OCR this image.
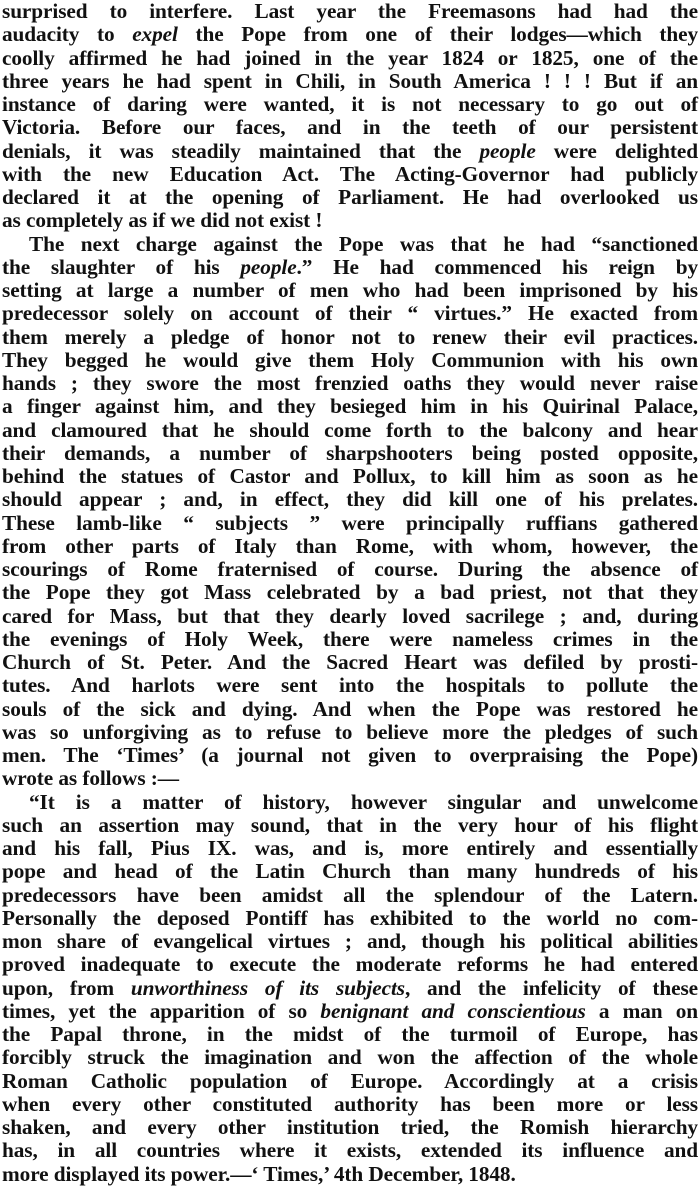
surprised to interfere. Last year the Freemasons had had the
audacity to expel the Pope from one of their lodges—which they
coolly affirmed he had joined in the year 1824 or 1825, one of the
three years he had spent in Chili, in South America ! ! ! But if an
instance of daring were wanted, it is not necessary to go out of
Victoria. Before our faces, and in the teeth of our persistent
denials, it was steadily maintained that the people were delighted
with the new Education Act. The Acting-Governor had publicly
declared it at the opening of Parliament. He had overlooked us
as completely as if we did not exist !
The next charge against the Pope was that he had “sanctioned
the slaughter of his people.” He had commenced his reign by
setting at large a number of men who had been imprisoned by his
predecessor solely on account of their “ virtues.” He exacted from
them merely a pledge of honor not to renew their evil practices.
They begged he would give them Holy Communion with his own
hands ; they swore the most frenzied oaths they would never raise
a finger against him, and they besieged him in his Quirinal Palace,
and clamoured that he should come forth to the balcony and hear
their demands, a number of sharpshooters being posted opposite,
behind the statues of Castor and Pollux, to kill him as soon as he
should appear ; and, in effect, they did kill one of his prelates.
These lamb-like “ subjects ” were principally ruffians gathered
from other parts of Italy than Rome, with whom, however, the
scourings of Rome fraternised of course. During the absence of
the Pope they got Mass celebrated by a bad priest, not that they
cared for Mass, but that they dearly loved sacrilege ; and, during
the evenings of Holy Week, there were nameless crimes in the
Church of St. Peter. And the Sacred Heart was defiled by prosti-
tutes. And harlots were sent into the hospitals to pollute the
souls of the sick and dying. And when the Pope was restored he
was so unforgiving as to refuse to believe more the pledges of such
men. The ‘Times’ (a journal not given to overpraising the Pope)
wrote as follows :—
“It is a matter of history, however singular and unwelcome
such an assertion may sound, that in the very hour of his flight
and his fall, Pius IX. was, and is, more entirely and essentially
pope and head of the Latin Church than many hundreds of his
predecessors have been amidst all the splendour of the Latern.
Personally the deposed Pontiff has exhibited to the world no com-
mon share of evangelical virtues ; and, though his political abilities
proved inadequate to execute the moderate reforms he had entered
upon, from unworthiness of its subjects, and the infelicity of these
times, yet the apparition of so benignant and conscientious a man on
the Papal throne, in the midst of the turmoil of Europe, has
forcibly struck the imagination and won the affection of the whole
Roman Catholic population of Europe. Accordingly at a crisis
when every other constituted authority has been more or less
shaken, and every other institution tried, the Romish hierarchy
has, in all countries where it exists, extended its influence and
more displayed its power.—‘ Times,’ 4th December, 1848.
